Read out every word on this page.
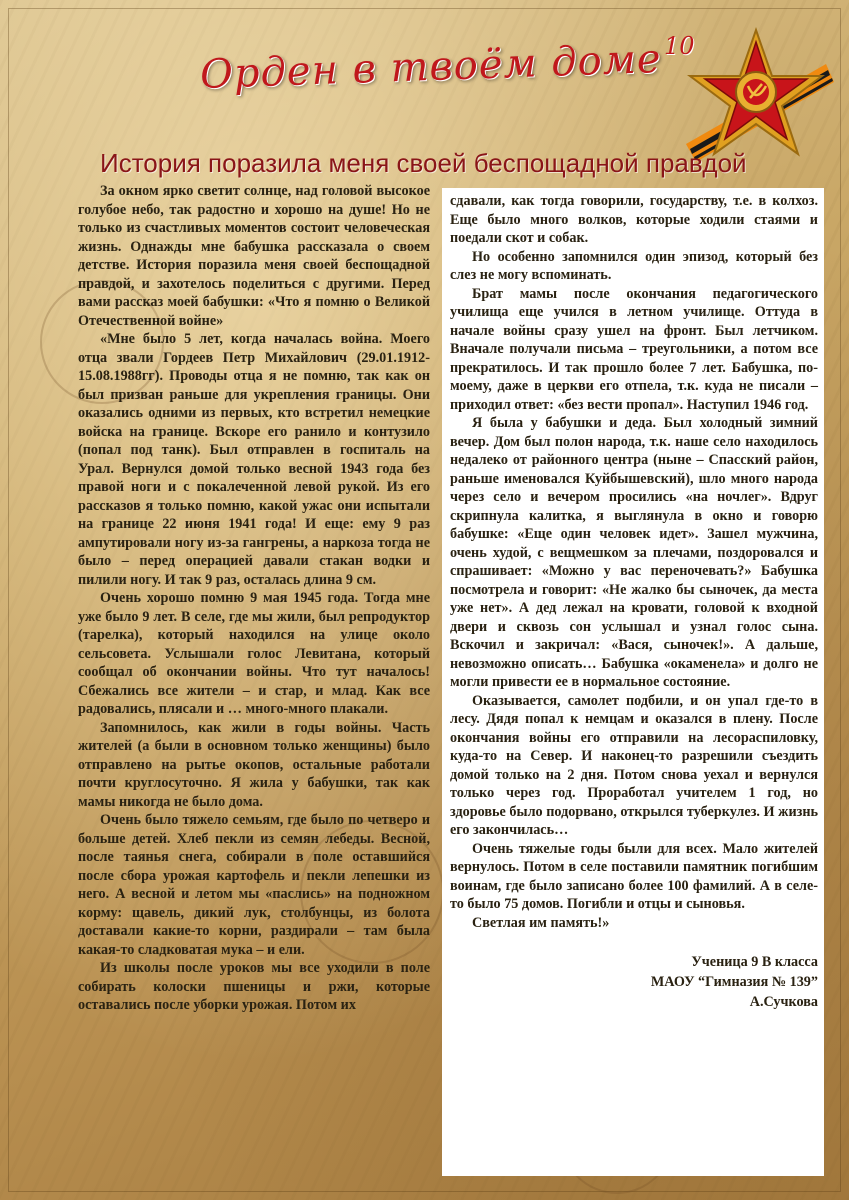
Орден в твоём доме 10
История поразила меня своей беспощадной правдой

За окном ярко светит солнце, над головой высокое голубое небо, так радостно и хорошо на душе! Но не только из счастливых моментов состоит человеческая жизнь. Однажды мне бабушка рассказала о своем детстве. История поразила меня своей беспощадной правдой, и захотелось поделиться с другими. Перед вами рассказ моей бабушки: «Что я помню о Великой Отечественной войне»

«Мне было 5 лет, когда началась война. Моего отца звали Гордеев Петр Михайлович (29.01.1912-15.08.1988гг). Проводы отца я не помню, так как он был призван раньше для укрепления границы. Они оказались одними из первых, кто встретил немецкие войска на границе. Вскоре его ранило и контузило (попал под танк). Был отправлен в госпиталь на Урал. Вернулся домой только весной 1943 года без правой ноги и с покалеченной левой рукой. Из его рассказов я только помню, какой ужас они испытали на границе 22 июня 1941 года! И еще: ему 9 раз ампутировали ногу из-за гангрены, а наркоза тогда не было – перед операцией давали стакан водки и пилили ногу. И так 9 раз, осталась длина 9 см.

Очень хорошо помню 9 мая 1945 года. Тогда мне уже было 9 лет. В селе, где мы жили, был репродуктор (тарелка), который находился на улице около сельсовета. Услышали голос Левитана, который сообщал об окончании войны. Что тут началось! Сбежались все жители – и стар, и млад. Как все радовались, плясали и … много-много плакали.

Запомнилось, как жили в годы войны. Часть жителей (а были в основном только женщины) было отправлено на рытье окопов, остальные работали почти круглосуточно. Я жила у бабушки, так как мамы никогда не было дома.

Очень было тяжело семьям, где было по четверо и больше детей. Хлеб пекли из семян лебеды. Весной, после таянья снега, собирали в поле оставшийся после сбора урожая картофель и пекли лепешки из него. А весной и летом мы «паслись» на подножном корму: щавель, дикий лук, столбунцы, из болота доставали какие-то корни, раздирали – там была какая-то сладковатая мука – и ели.

Из школы после уроков мы все уходили в поле собирать колоски пшеницы и ржи, которые оставались после уборки урожая. Потом их

сдавали, как тогда говорили, государству, т.е. в колхоз. Еще было много волков, которые ходили стаями и поедали скот и собак.

Но особенно запомнился один эпизод, который без слез не могу вспоминать.

Брат мамы после окончания педагогического училища еще учился в летном училище. Оттуда в начале войны сразу ушел на фронт. Был летчиком. Вначале получали письма – треугольники, а потом все прекратилось. И так прошло более 7 лет. Бабушка, по-моему, даже в церкви его отпела, т.к. куда не писали – приходил ответ: «без вести пропал». Наступил 1946 год.

Я была у бабушки и деда. Был холодный зимний вечер. Дом был полон народа, т.к. наше село находилось недалеко от районного центра (ныне – Спасский район, раньше именовался Куйбышевский), шло много народа через село и вечером просились «на ночлег». Вдруг скрипнула калитка, я выглянула в окно и говорю бабушке: «Еще один человек идет». Зашел мужчина, очень худой, с вещмешком за плечами, поздоровался и спрашивает: «Можно у вас переночевать?» Бабушка посмотрела и говорит: «Не жалко бы сыночек, да места уже нет». А дед лежал на кровати, головой к входной двери и сквозь сон услышал и узнал голос сына. Вскочил и закричал: «Вася, сыночек!». А дальше, невозможно описать… Бабушка «окаменела» и долго не могли привести ее в нормальное состояние.

Оказывается, самолет подбили, и он упал где-то в лесу. Дядя попал к немцам и оказался в плену. После окончания войны его отправили на лесораспиловку, куда-то на Север. И наконец-то разрешили съездить домой только на 2 дня. Потом снова уехал и вернулся только через год. Проработал учителем 1 год, но здоровье было подорвано, открылся туберкулез. И жизнь его закончилась…

Очень тяжелые годы были для всех. Мало жителей вернулось. Потом в селе поставили памятник погибшим воинам, где было записано более 100 фамилий. А в селе-то было 75 домов. Погибли и отцы и сыновья.

Светлая им память!»

Ученица 9 В класса
МАОУ “Гимназия № 139”
А.Сучкова
